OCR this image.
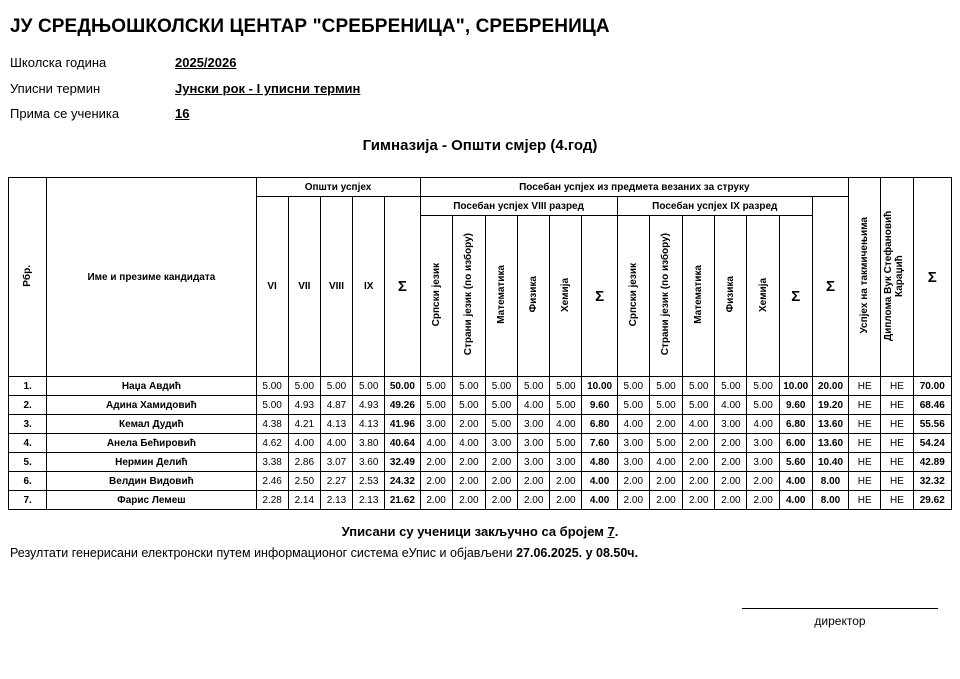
ЈУ СРЕДЊОШКОЛСКИ ЦЕНТАР "СРЕБРЕНИЦА", СРЕБРЕНИЦА
Школска година	2025/2026
Уписни термин	Јунски рок - I уписни термин
Прима се ученика	16
Гимназија - Општи смјер (4.год)
Рбр.	Име и презиме кандидата	Општи успјех					Посебан успјех из предмета везаних за струку													Успјех на такмичењима	Диплома Вук Стефановић Караџић	Σ
		VI	VII	VIII	IX	Σ	Посебан успјех VIII разред						Посебан успјех IX разред						Σ			
							Српски језик	Страни језик (по избору)	Математика	Физика	Хемија	Σ	Српски језик	Страни језик (по избору)	Математика	Физика	Хемија	Σ				
1.	Наџа Авдић	5.00	5.00	5.00	5.00	50.00	5.00	5.00	5.00	5.00	5.00	10.00	5.00	5.00	5.00	5.00	5.00	10.00	20.00	НЕ	НЕ	70.00
2.	Адина Хамидовић	5.00	4.93	4.87	4.93	49.26	5.00	5.00	5.00	4.00	5.00	9.60	5.00	5.00	5.00	4.00	5.00	9.60	19.20	НЕ	НЕ	68.46
3.	Кемал Дудић	4.38	4.21	4.13	4.13	41.96	3.00	2.00	5.00	3.00	4.00	6.80	4.00	2.00	4.00	3.00	4.00	6.80	13.60	НЕ	НЕ	55.56
4.	Анела Бећировић	4.62	4.00	4.00	3.80	40.64	4.00	4.00	3.00	3.00	5.00	7.60	3.00	5.00	2.00	2.00	3.00	6.00	13.60	НЕ	НЕ	54.24
5.	Нермин Делић	3.38	2.86	3.07	3.60	32.49	2.00	2.00	2.00	3.00	3.00	4.80	3.00	4.00	2.00	2.00	3.00	5.60	10.40	НЕ	НЕ	42.89
6.	Велдин Видовић	2.46	2.50	2.27	2.53	24.32	2.00	2.00	2.00	2.00	2.00	4.00	2.00	2.00	2.00	2.00	2.00	4.00	8.00	НЕ	НЕ	32.32
7.	Фарис Лемеш	2.28	2.14	2.13	2.13	21.62	2.00	2.00	2.00	2.00	2.00	4.00	2.00	2.00	2.00	2.00	2.00	4.00	8.00	НЕ	НЕ	29.62
Уписани су ученици закључно са бројем 7.
Резултати генерисани електронски путем информационог система еУпис и објављени 27.06.2025. у 08.50ч.
директор
